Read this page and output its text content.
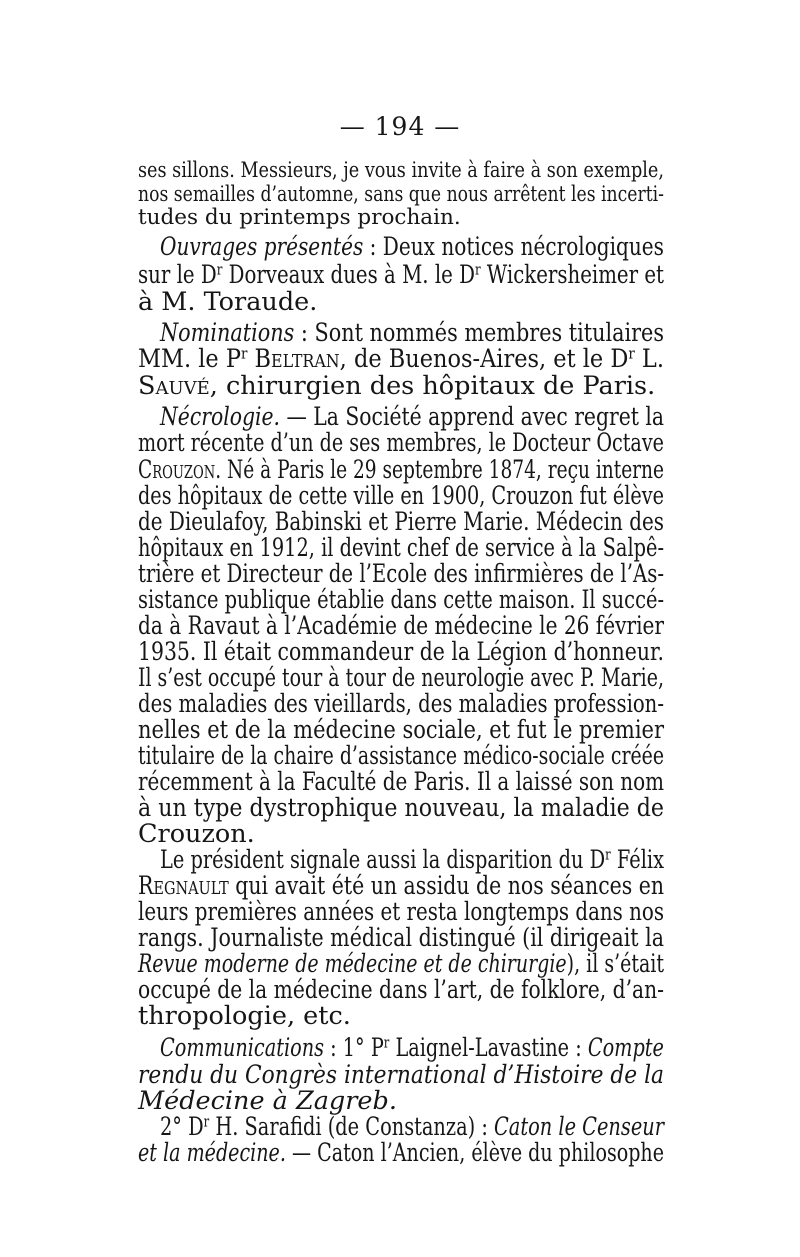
— 194 —
ses sillons. Messieurs, je vous invite à faire à son exemple,
nos semailles d’automne, sans que nous arrêtent les incerti-
tudes du printemps prochain.
Ouvrages présentés : Deux notices nécrologiques
sur le $D^r$ Dorveaux dues à M. le $D^r$ Wickersheimer et
à M. Toraude.
Nominations : Sont nommés membres titulaires
MM. le $P^r$ Beltran, de Buenos-Aires, et le $D^r$ L.
Sauvé, chirurgien des hôpitaux de Paris.
Nécrologie. — La Société apprend avec regret la
mort récente d’un de ses membres, le Docteur Octave
Crouzon. Né à Paris le 29 septembre 1874, reçu interne
des hôpitaux de cette ville en 1900, Crouzon fut élève
de Dieulafoy, Babinski et Pierre Marie. Médecin des
hôpitaux en 1912, il devint chef de service à la Salpê-
trière et Directeur de l’Ecole des infirmières de l’As-
sistance publique établie dans cette maison. Il succé-
da à Ravaut à l’Académie de médecine le 26 février
1935. Il était commandeur de la Légion d’honneur.
Il s’est occupé tour à tour de neurologie avec P. Marie,
des maladies des vieillards, des maladies profession-
nelles et de la médecine sociale, et fut le premier
titulaire de la chaire d’assistance médico-sociale créée
récemment à la Faculté de Paris. Il a laissé son nom
à un type dystrophique nouveau, la maladie de
Crouzon.
Le président signale aussi la disparition du $D^r$ Félix
Regnault qui avait été un assidu de nos séances en
leurs premières années et resta longtemps dans nos
rangs. Journaliste médical distingué (il dirigeait la
Revue moderne de médecine et de chirurgie), il s’était
occupé de la médecine dans l’art, de folklore, d’an-
thropologie, etc.
Communications : 1° $P^r$ Laignel-Lavastine : Compte
rendu du Congrès international d’Histoire de la
Médecine à Zagreb.
2° $D^r$ H. Sarafidi (de Constanza) : Caton le Censeur
et la médecine. — Caton l’Ancien, élève du philosophe
